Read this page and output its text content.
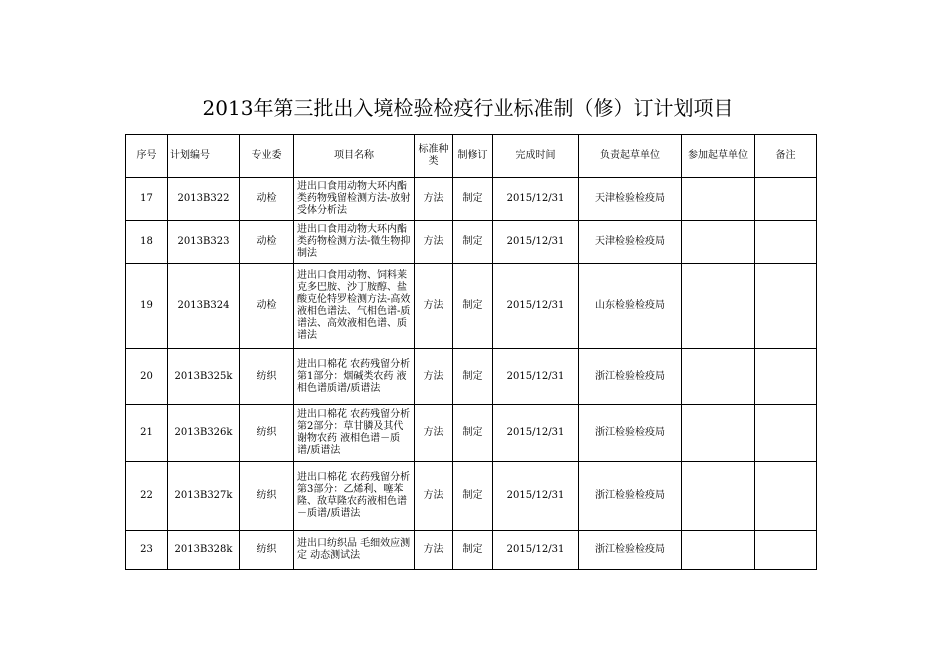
2013年第三批出入境检验检疫行业标准制（修）订计划项目
序号	计划编号	专业委	项目名称	标准种类	制修订	完成时间	负责起草单位	参加起草单位	备注
17	2013B322	动检	进出口食用动物大环内酯类药物残留检测方法-放射受体分析法	方法	制定	2015/12/31	天津检验检疫局		
18	2013B323	动检	进出口食用动物大环内酯类药物检测方法-微生物抑制法	方法	制定	2015/12/31	天津检验检疫局		
19	2013B324	动检	进出口食用动物、饲料莱克多巴胺、沙丁胺醇、盐酸克伦特罗检测方法-高效液相色谱法、气相色谱-质谱法、高效液相色谱、质谱法	方法	制定	2015/12/31	山东检验检疫局		
20	2013B325k	纺织	进出口棉花 农药残留分析 第1部分：烟碱类农药 液相色谱质谱/质谱法	方法	制定	2015/12/31	浙江检验检疫局		
21	2013B326k	纺织	进出口棉花 农药残留分析 第2部分：草甘膦及其代谢物农药 液相色谱－质谱/质谱法	方法	制定	2015/12/31	浙江检验检疫局		
22	2013B327k	纺织	进出口棉花 农药残留分析 第3部分：乙烯利、噻苯隆、敌草隆农药液相色谱－质谱/质谱法	方法	制定	2015/12/31	浙江检验检疫局		
23	2013B328k	纺织	进出口纺织品 毛细效应测定 动态测试法	方法	制定	2015/12/31	浙江检验检疫局		
